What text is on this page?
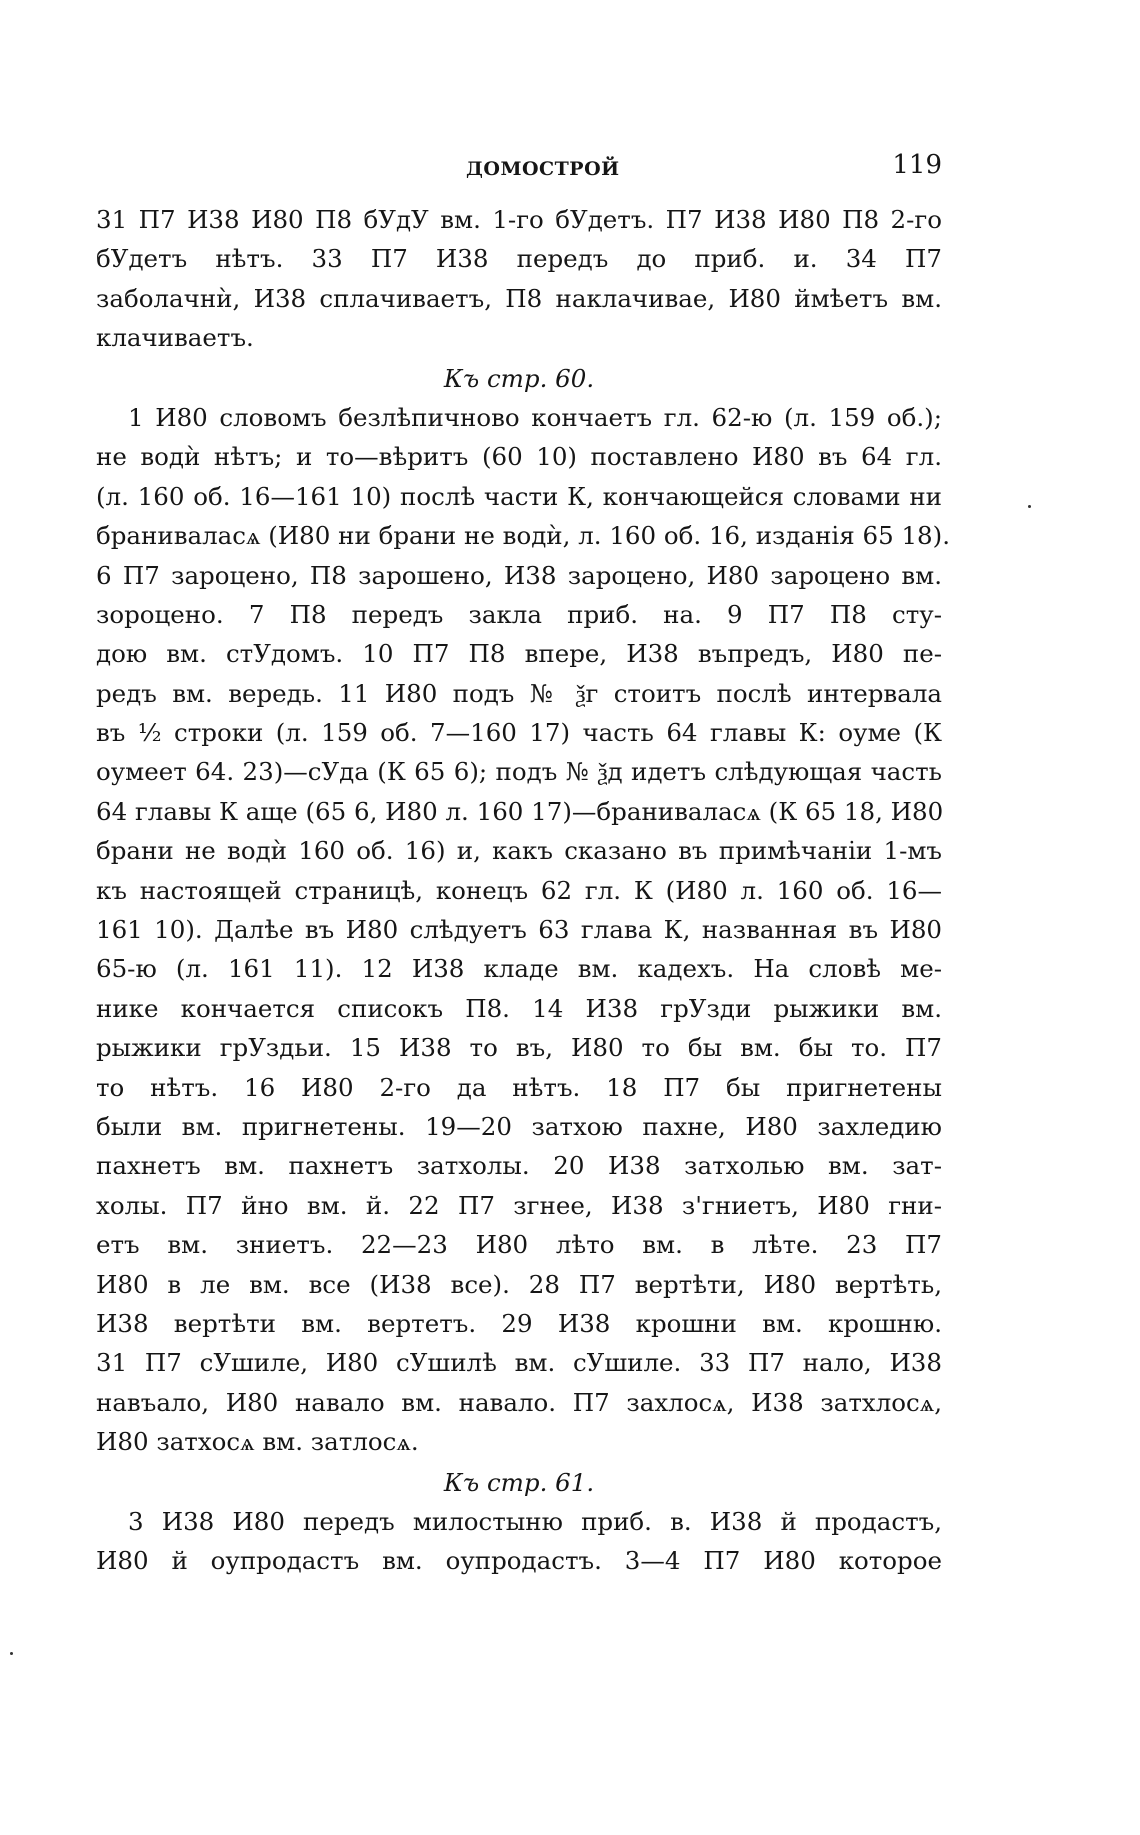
ДОМОСТРОЙ	119
31 П7 И38 И80 П8 бУдУ вм. 1-го бУдетъ. П7 И38 И80 П8 2-го
бУдетъ нѣтъ. 33 П7 И38 передъ до приб. и. 34 П7
заболачнѝ, И38 сплачиваетъ, П8 наклачивае, И80 ймѣетъ вм.
клачиваетъ.
Къ стр. 60.
1 И80 словомъ безлѣпичново кончаетъ гл. 62-ю (л. 159 об.);
не водѝ нѣтъ; и то—вѣритъ (60 10) поставлено И80 въ 64 гл.
(л. 160 об. 16—161 10) послѣ части К, кончающейся словами ни
браниваласѧ (И80 ни брани не водѝ, л. 160 об. 16, изданія 65 18).
6 П7 зароцено, П8 зарошено, И38 зароцено, И80 зароцено вм.
зороцено. 7 П8 передъ закла приб. на. 9 П7 П8 сту-
дою вм. стУдомъ. 10 П7 П8 впере, И38 въпредъ, И80 пе-
редъ вм. вередь. 11 И80 подъ № ѯг стоитъ послѣ интервала
въ ½ строки (л. 159 об. 7—160 17) часть 64 главы К: оуме (К
оумеет 64. 23)—сУда (К 65 6); подъ № ѯд идетъ слѣдующая часть
64 главы К аще (65 6, И80 л. 160 17)—браниваласѧ (К 65 18, И80
брани не водѝ 160 об. 16) и, какъ сказано въ примѣчаніи 1-мъ
къ настоящей страницѣ, конецъ 62 гл. К (И80 л. 160 об. 16—
161 10). Далѣе въ И80 слѣдуетъ 63 глава К, названная въ И80
65-ю (л. 161 11). 12 И38 кладе вм. кадехъ. На словѣ ме-
нике кончается списокъ П8. 14 И38 грУзди рыжики вм.
рыжики грУздьи. 15 И38 то въ, И80 то бы вм. бы то. П7
то нѣтъ. 16 И80 2-го да нѣтъ. 18 П7 бы пригнетены
были вм. пригнетены. 19—20 затхою пахне, И80 захледию
пахнетъ вм. пахнетъ затхолы. 20 И38 затхолью вм. зат-
холы. П7 йно вм. й. 22 П7 згнее, И38 з'гниетъ, И80 гни-
етъ вм. зниетъ. 22—23 И80 лѣто вм. в лѣте. 23 П7
И80 в ле вм. все (И38 все). 28 П7 вертѣти, И80 вертѣть,
И38 вертѣти вм. вертетъ. 29 И38 крошни вм. крошню.
31 П7 сУшиле, И80 сУшилѣ вм. сУшиле. 33 П7 нало, И38
навъало, И80 навало вм. навало. П7 захлосѧ, И38 затхлосѧ,
И80 затхосѧ вм. затлосѧ.
Къ стр. 61.
3 И38 И80 передъ милостыню приб. в. И38 й продастъ,
И80 й оупродастъ вм. оупродастъ. 3—4 П7 И80 которое
